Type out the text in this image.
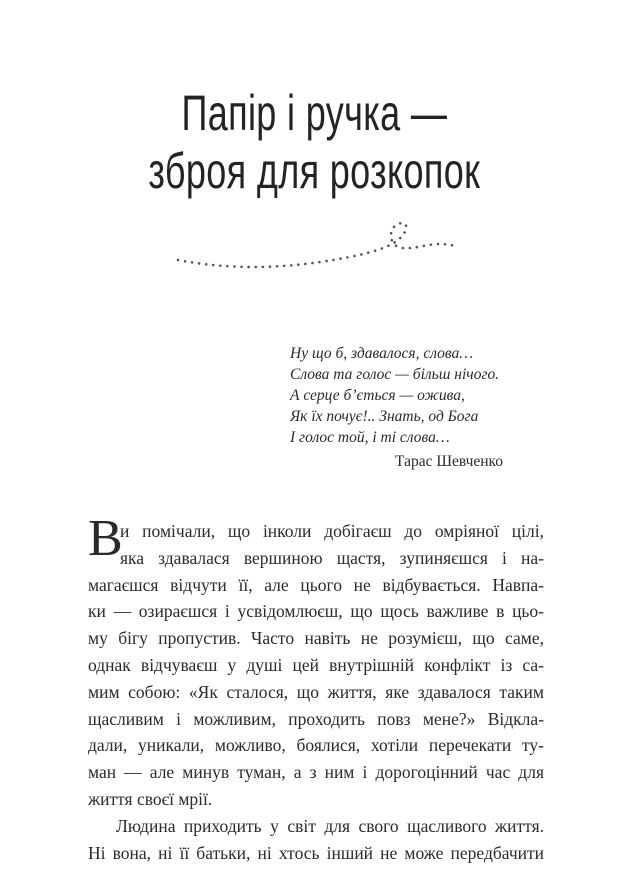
Папір і ручка —
зброя для розкопок
Ну що б, здавалося, слова…
Слова та голос — більш нічого.
А серце б’ється — ожива,
Як їх почуєǃ.. Знать, од Бога
І голос той, і ті слова…
Тарас Шевченко
В

и помічали, що інколи добігаєш до омріяної цілі,
яка здавалася вершиною щастя, зупиняєшся і на-
магаєшся відчути її, але цього не відбувається. Навпа-
ки — озираєшся і усвідомлюєш, що щось важливе в цьо-
му бігу пропустив. Часто навіть не розумієш, що саме,
однак відчуваєш у душі цей внутрішній конфлікт із са-
мим собою: «Як сталося, що життя, яке здавалося таким
щасливим і можливим, проходить повз мене?» Відкла-
дали, уникали, можливо, боялися, хотіли перечекати ту-
ман — але минув туман, а з ним і дорогоцінний час для
життя своєї мрії.

Людина приходить у світ для свого щасливого життя.
Ні вона, ні її батьки, ні хтось інший не може передбачити
